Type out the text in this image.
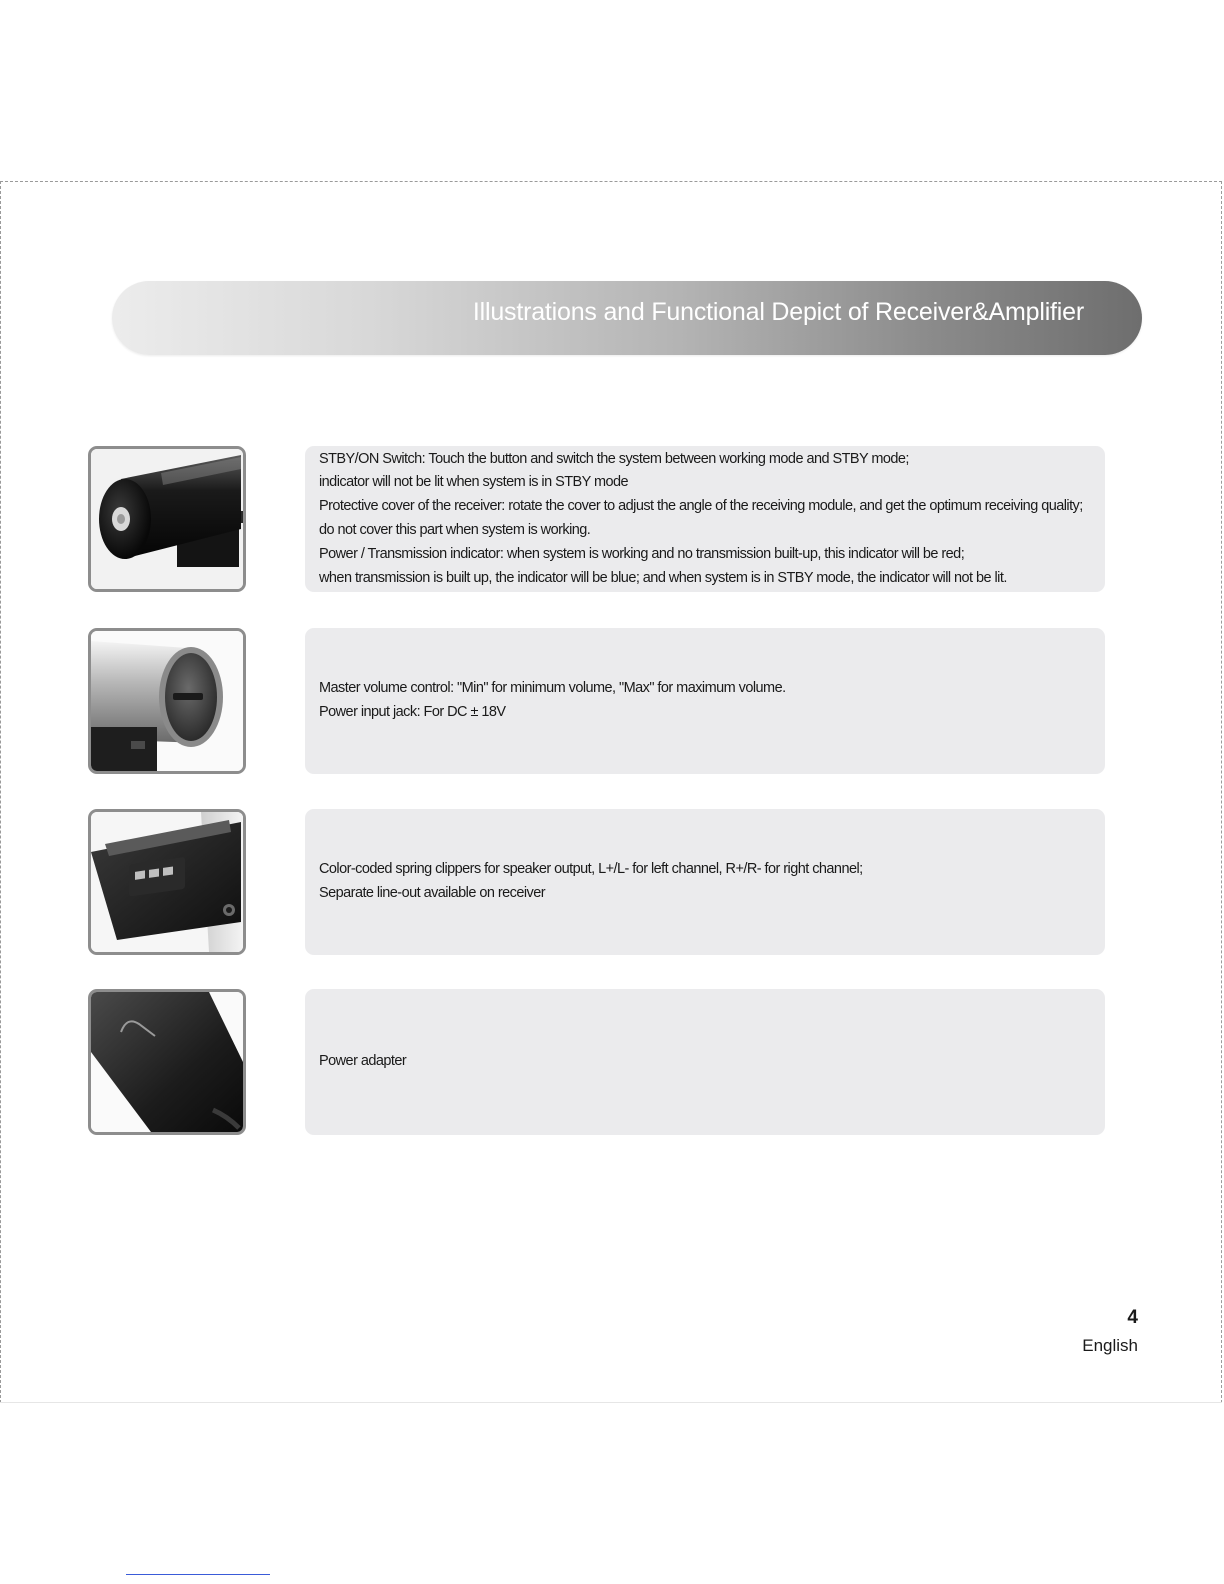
Illustrations and Functional Depict of Receiver&Amplifier
STBY/ON Switch: Touch the button and switch the system between working mode and STBY mode;
indicator will not be lit when system is in STBY mode
Protective cover of the receiver: rotate the cover to adjust the angle of the receiving module, and get the optimum receiving quality;
do not cover this part when system is working.
Power / Transmission indicator: when system is working and no transmission built-up, this indicator will be red;
when transmission is built up, the indicator will be blue; and when system is in STBY mode, the indicator will not be lit.
Master volume control: "Min" for minimum volume, "Max" for maximum volume.
Power input jack: For DC ± 18V
Color-coded spring clippers for speaker output, L+/L- for left channel, R+/R- for right channel;
Separate line-out available on receiver
Power adapter
4
English
